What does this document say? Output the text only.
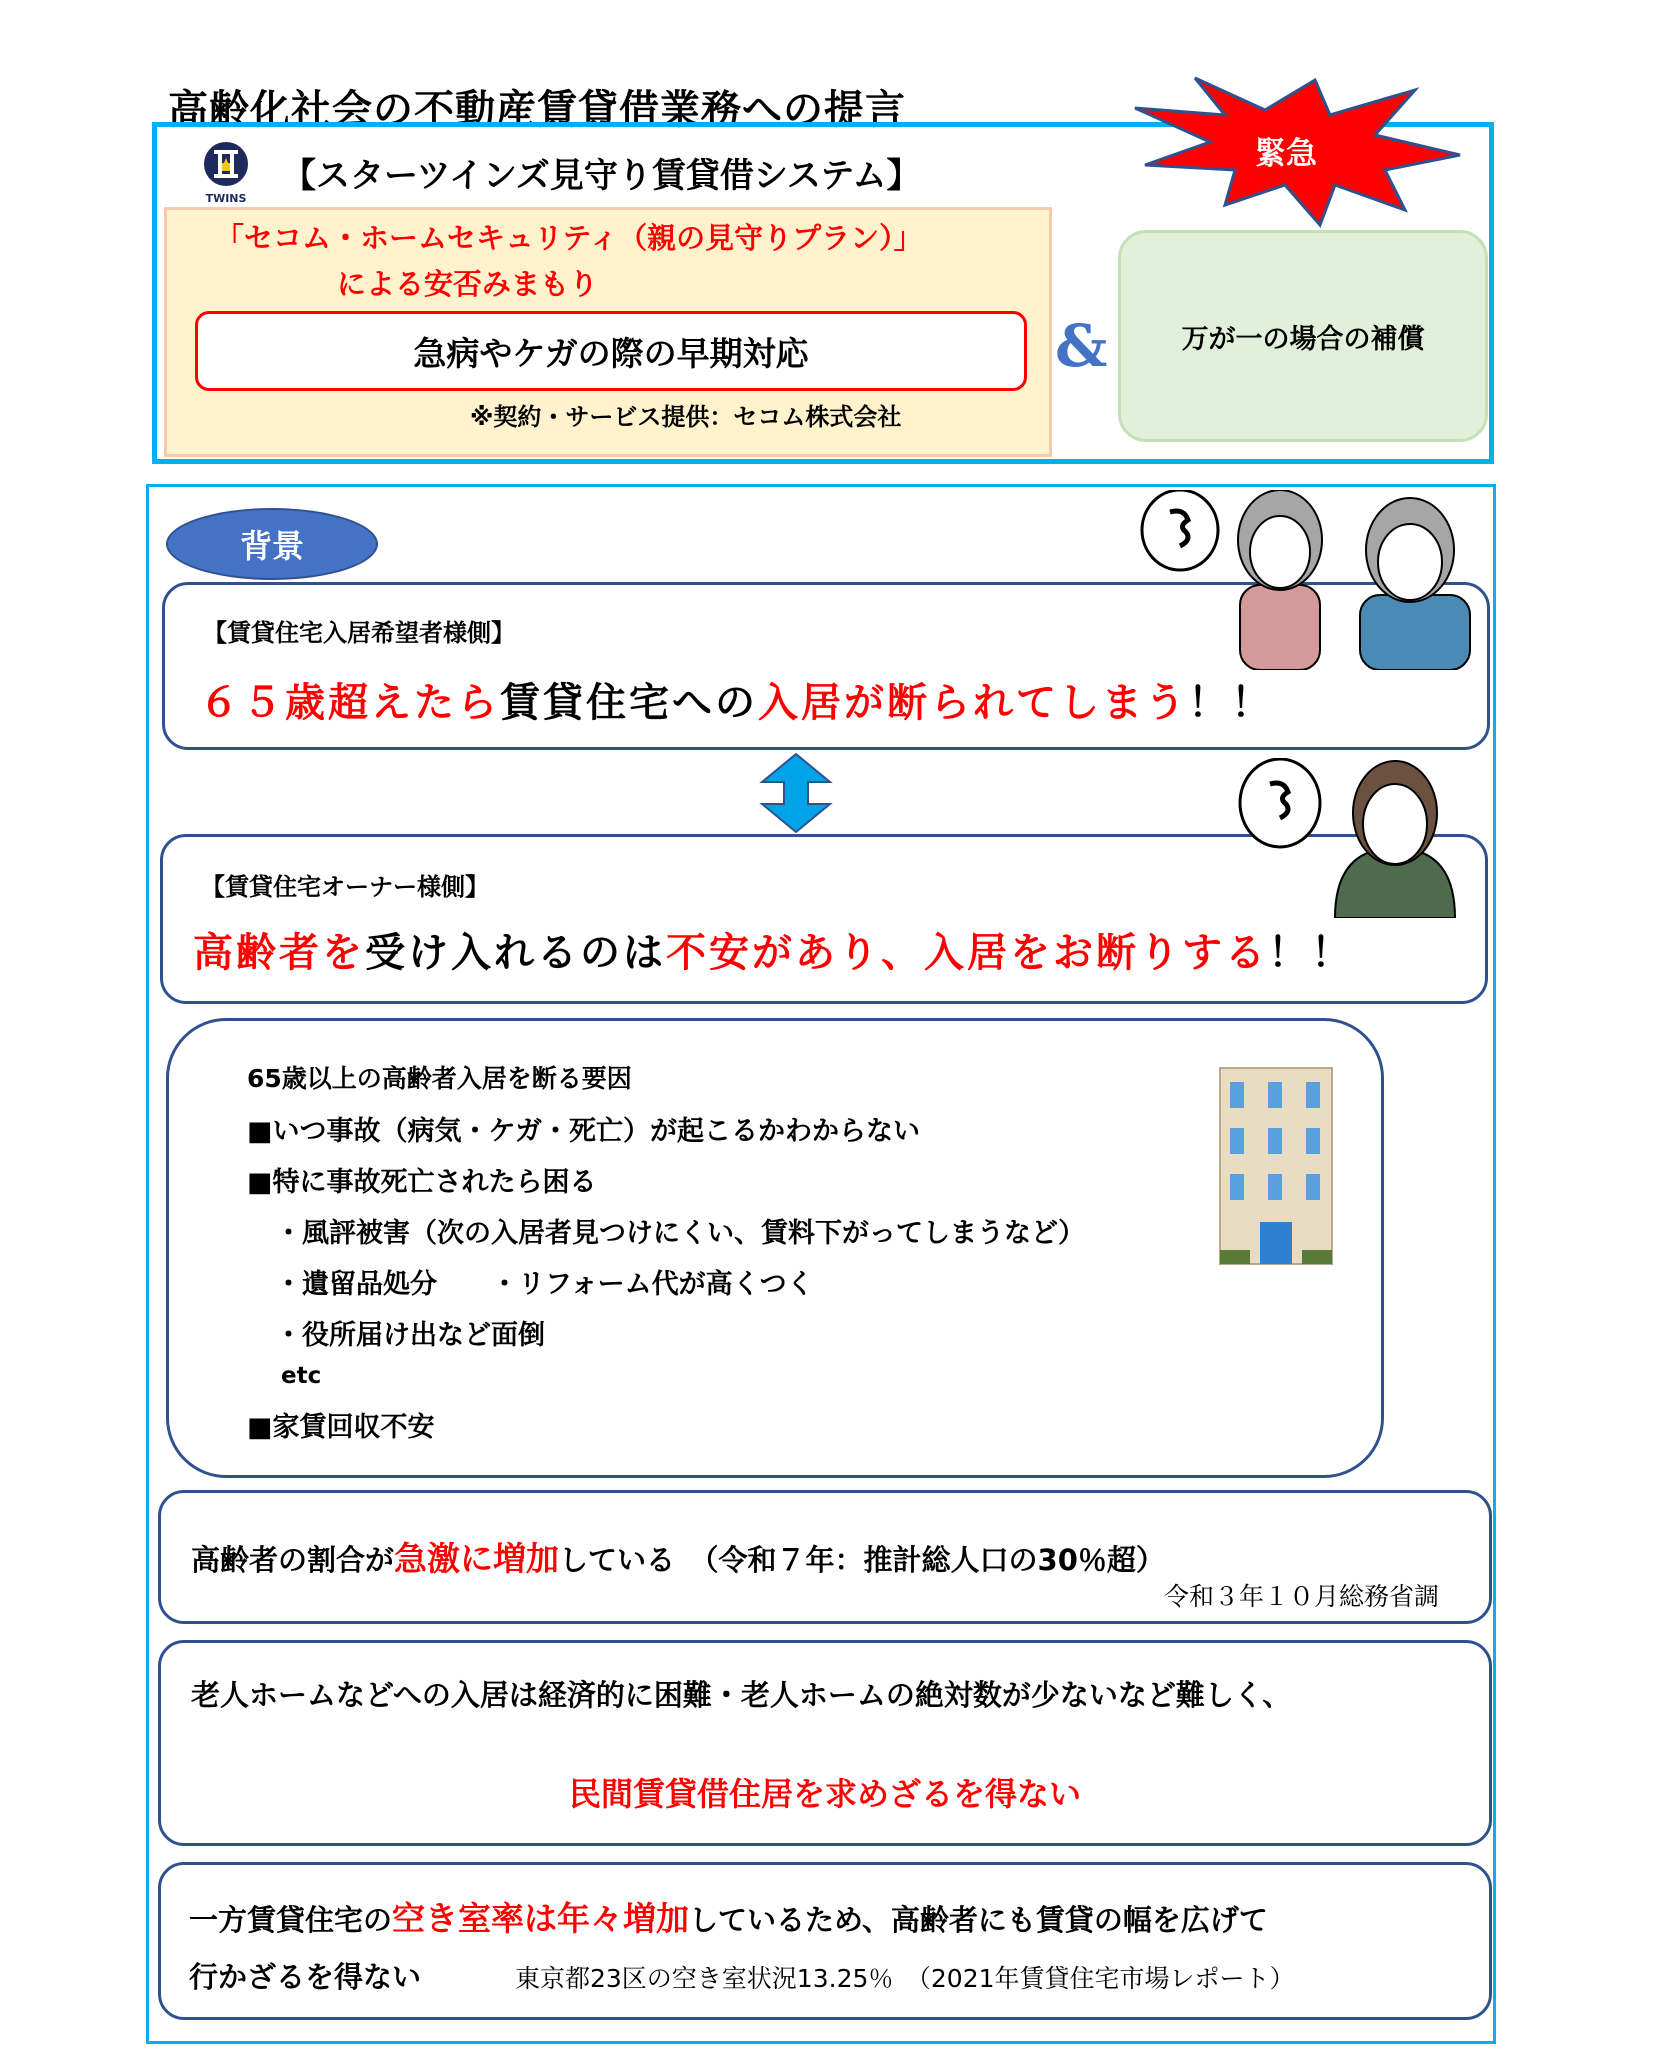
高齢化社会の不動産賃貸借業務への提言
TWINS
【スターツインズ見守り賃貸借システム】
「セコム・ホームセキュリティ（親の見守りプラン）」
による安否みまもり
急病やケガの際の早期対応
※契約・サービス提供：セコム株式会社
&	万が一の場合の補償
緊急
背景
【賃貸住宅入居希望者様側】
６５歳超えたら賃貸住宅への入居が断られてしまう！！
【賃貸住宅オーナー様側】
高齢者を受け入れるのは不安があり、入居をお断りする！！
65歳以上の高齢者入居を断る要因
■いつ事故（病気・ケガ・死亡）が起こるかわからない
■特に事故死亡されたら困る
・風評被害（次の入居者見つけにくい、賃料下がってしまうなど）
・遺留品処分　　・リフォーム代が高くつく
・役所届け出など面倒
etc
■家賃回収不安
高齢者の割合が急激に増加している　（令和７年：推計総人口の30％超）
令和３年１０月総務省調
老人ホームなどへの入居は経済的に困難・老人ホームの絶対数が少ないなど難しく、
民間賃貸借住居を求めざるを得ない
一方賃貸住宅の空き室率は年々増加しているため、高齢者にも賃貸の幅を広げて
行かざるを得ない	東京都23区の空き室状況13.25％　（2021年賃貸住宅市場レポート）
